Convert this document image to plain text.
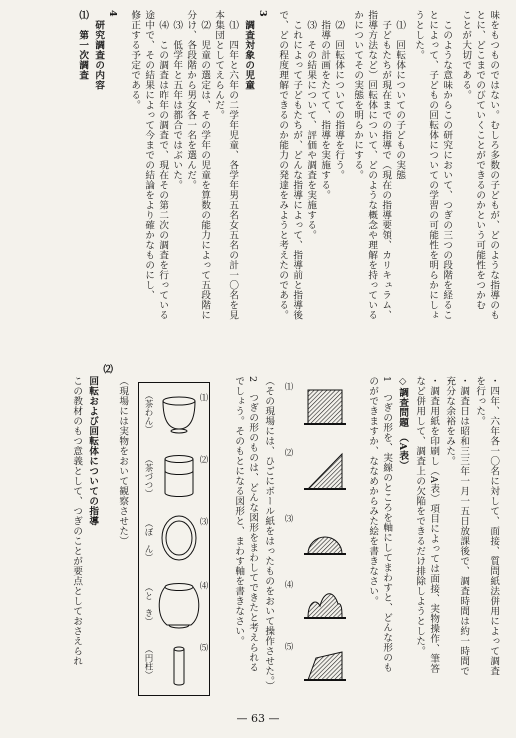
味をもつものではない。むしろ多数の子どもが、どのような指導のも

とに、どこまでのびていくことができるのかという可能性をつかむ

ことが大切である。

このような意味からこの研究において、つぎの三つの段階を経るこ

とによって、子どもの回転体についての学習の可能性を明らかにしょ

うとした。

⑴　回転体についての子どもの実態

子どもたちが現在までの指導で（現在の指導要領、カリキュラム、

指導方法など）回転体について、どのような概念や理解を持っている

かについてその実態を明らかにする。

⑵　回転体についての指導を行う。

指導の計画をたてて、指導を実施する。

⑶　その結果について、評価や調査を実施する。

これによって子どもたちが、どんな指導によって、指導前と指導後

で、どの程度理解できるのか能力の発達をみようと考えたのである。

3

調査対象の児童

⑴　四年と六年の二学年児童、各学年男五名女五名の計一〇名を見

本集団としてえらんだ。

⑵　児童の選定は、その学年の児童を算数の能力によって五段階に

分け、各段階から男女各一名を選んだ。

⑶　低学年と五年は都合ではぶいた。

⑷　この調査は昨年の調査で、現在その第二次の調査を行っている

途中で、その結果によって今までの結論をより確かなものにし、

修正する予定である。

4

研究調査の内容

⑴　第一次調査

・四年、六年各一〇名に対して、面接、質問紙法併用によって調査

を行った。

・調査日は昭和三三年一月一五日放課後で、調査時間は約一時間で

充分な余裕をみた。

・調査用紙を印刷し（A表）項目によっては面接、実物操作、筆答

など併用して、調査上の欠陥をできるだけ排除しようとした。

◇調査問題　（A表）

1　つぎの形を、実線のところを軸にしてまわすと、どんな形のも

のができますか、ななめからみた絵を書きなさい。

⑴
⑵
⑶
⑷
⑸

（その現場には、ひごにボール紙をはったものをおいて操作させた。）

2　つぎの形のものは、どんな図形をまわしてできたと考えられる

でしょう。そのもとになる図形と、まわす軸を書きなさい。

⑴
⑵
⑶
⑷
⑸
（茶わん）
（茶づつ）
（ぼ　ん）
（と　き）
（円柱）

（現場には実物をおいて観察させた）

⑵

回転および回転体についての指導

この教材のもつ意義として、つぎのことが要点としておさえられ

— 63 —
